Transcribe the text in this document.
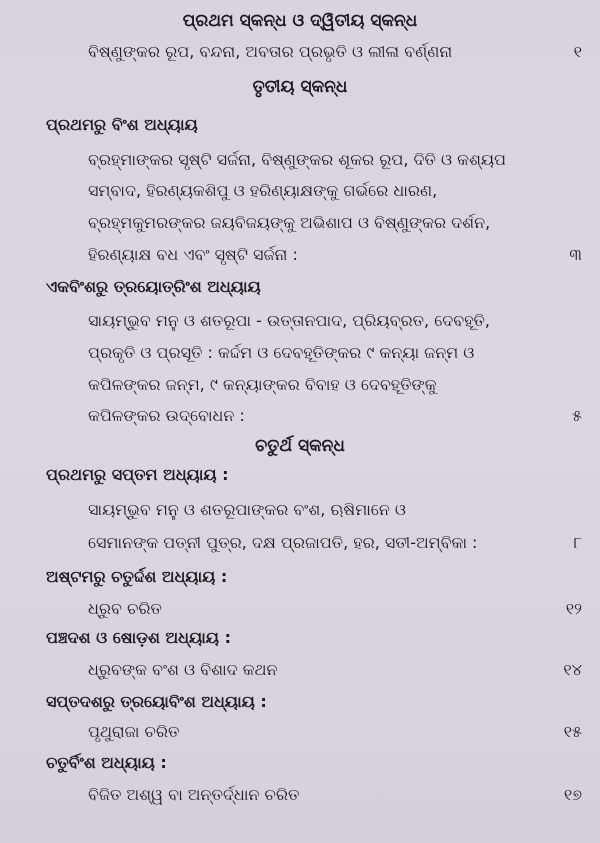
ପ୍ରଥମ ସ୍କନ୍ଧ ଓ ଦ୍ୱିତୀୟ ସ୍କନ୍ଧ
ବିଷ୍ଣୁଙ୍କର ରୂପ, ବନ୍ଦନା, ଅବତାର ପ୍ରଭୃତି ଓ ଲୀଳା ବର୍ଣ୍ଣନା	୧
ତୃତୀୟ ସ୍କନ୍ଧ
ପ୍ରଥମରୁ ବିଂଶ ଅଧ୍ୟାୟ
ବ୍ରହ୍ମାଙ୍କର ସୃଷ୍ଟି ସର୍ଜନା, ବିଷ୍ଣୁଙ୍କର ଶୂକର ରୂପ, ଦିତି ଓ କଶ୍ୟପ
ସମ୍ବାଦ, ହିରଣ୍ୟକଶିପୁ ଓ ହରିଣ୍ୟାକ୍ଷଙ୍କୁ ଗର୍ଭରେ ଧାରଣ,
ବ୍ରହ୍ମକୁମରଙ୍କର ଜୟବିଜୟଙ୍କୁ ଅଭିଶାପ ଓ ବିଷ୍ଣୁଙ୍କର ଦର୍ଶନ,
ହିରଣ୍ୟାକ୍ଷ ବଧ ଏବଂ ସୃଷ୍ଟି ସର୍ଜନା :	୩
ଏକବିଂଶରୁ ତ୍ରୟୋତ୍ରିଂଶ ଅଧ୍ୟାୟ
ସାୟମ୍ଭୁବ ମନୁ ଓ ଶତରୂପା - ଉତ୍ତାନପାଦ, ପ୍ରିୟବ୍ରତ, ଦେବହୂତି,
ପ୍ରକୃତି ଓ ପ୍ରସୂତି : କର୍ଦ୍ଦମ ଓ ଦେବହୂତିଙ୍କର ୯ କନ୍ୟା ଜନ୍ମ ଓ
କପିଳଙ୍କର ଜନ୍ମ, ୯ କନ୍ୟାଙ୍କର ବିବାହ ଓ ଦେବହୂତିଙ୍କୁ
କପିଳଙ୍କର ଉଦ୍‌ବୋଧନ :	୫
ଚତୁର୍ଥ ସ୍କନ୍ଧ
ପ୍ରଥମରୁ ସପ୍ତମ ଅଧ୍ୟାୟ :
ସାୟମ୍ଭୁବ ମନୁ ଓ ଶତରୂପାଙ୍କର ବଂଶ, ଋଷିମାନେ ଓ
ସେମାନଙ୍କ ପତ୍ନୀ ପୁତ୍ର, ଦକ୍ଷ ପ୍ରଜାପତି, ହର, ସତୀ-ଅମ୍ବିକା :	୮
ଅଷ୍ଟମରୁ ଚତୁର୍ଦ୍ଦଶ ଅଧ୍ୟାୟ :
ଧ୍ରୁବ ଚରିତ	୧୨
ପଞ୍ଚଦଶ ଓ ଷୋଡ଼ଶ ଅଧ୍ୟାୟ :
ଧ୍ରୁବଙ୍କ ବଂଶ ଓ ବିଶାଦ କଥନ	୧୪
ସପ୍ତଦଶରୁ ତ୍ରୟୋବିଂଶ ଅଧ୍ୟାୟ :
ପୃଥୁରାଜା ଚରିତ	୧୫
ଚତୁର୍ବିଂଶ ଅଧ୍ୟାୟ :
ବିଜିତ ଅଶ୍ୱ ବା ଅନ୍ତର୍ଦ୍ଧାନ ଚରିତ	୧୭
